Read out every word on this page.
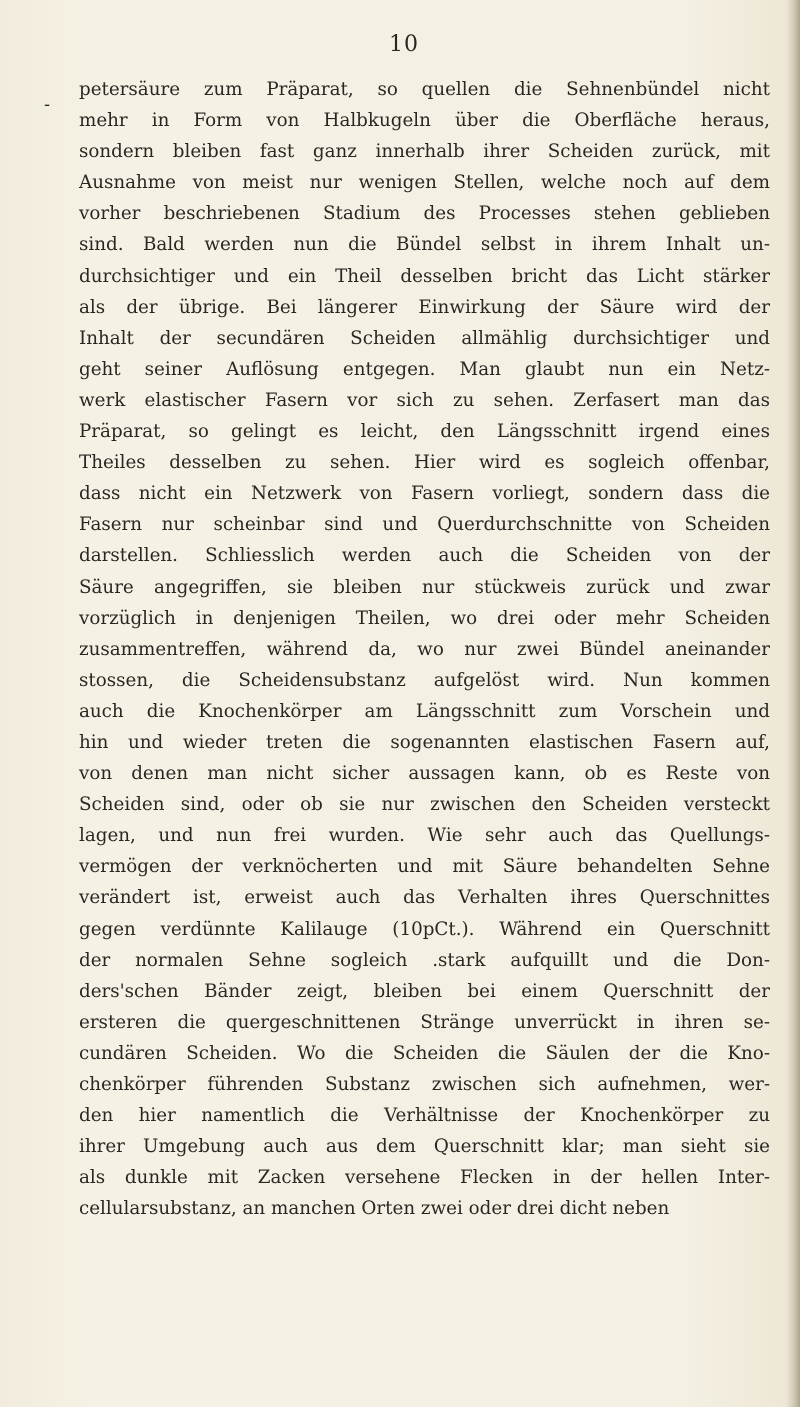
10
-
petersäure zum Präparat, so quellen die Sehnenbündel nicht
mehr in Form von Halbkugeln über die Oberfläche heraus,
sondern bleiben fast ganz innerhalb ihrer Scheiden zurück, mit
Ausnahme von meist nur wenigen Stellen, welche noch auf dem
vorher beschriebenen Stadium des Processes stehen geblieben
sind. Bald werden nun die Bündel selbst in ihrem Inhalt un-
durchsichtiger und ein Theil desselben bricht das Licht stärker
als der übrige. Bei längerer Einwirkung der Säure wird der
Inhalt der secundären Scheiden allmählig durchsichtiger und
geht seiner Auflösung entgegen. Man glaubt nun ein Netz-
werk elastischer Fasern vor sich zu sehen. Zerfasert man das
Präparat, so gelingt es leicht, den Längsschnitt irgend eines
Theiles desselben zu sehen. Hier wird es sogleich offenbar,
dass nicht ein Netzwerk von Fasern vorliegt, sondern dass die
Fasern nur scheinbar sind und Querdurchschnitte von Scheiden
darstellen. Schliesslich werden auch die Scheiden von der
Säure angegriffen, sie bleiben nur stückweis zurück und zwar
vorzüglich in denjenigen Theilen, wo drei oder mehr Scheiden
zusammentreffen, während da, wo nur zwei Bündel aneinander
stossen, die Scheidensubstanz aufgelöst wird. Nun kommen
auch die Knochenkörper am Längsschnitt zum Vorschein und
hin und wieder treten die sogenannten elastischen Fasern auf,
von denen man nicht sicher aussagen kann, ob es Reste von
Scheiden sind, oder ob sie nur zwischen den Scheiden versteckt
lagen, und nun frei wurden. Wie sehr auch das Quellungs-
vermögen der verknöcherten und mit Säure behandelten Sehne
verändert ist, erweist auch das Verhalten ihres Querschnittes
gegen verdünnte Kalilauge (10pCt.). Während ein Querschnitt
der normalen Sehne sogleich .stark aufquillt und die Don-
ders'schen Bänder zeigt, bleiben bei einem Querschnitt der
ersteren die quergeschnittenen Stränge unverrückt in ihren se-
cundären Scheiden. Wo die Scheiden die Säulen der die Kno-
chenkörper führenden Substanz zwischen sich aufnehmen, wer-
den hier namentlich die Verhältnisse der Knochenkörper zu
ihrer Umgebung auch aus dem Querschnitt klar; man sieht sie
als dunkle mit Zacken versehene Flecken in der hellen Inter-
cellularsubstanz, an manchen Orten zwei oder drei dicht neben
